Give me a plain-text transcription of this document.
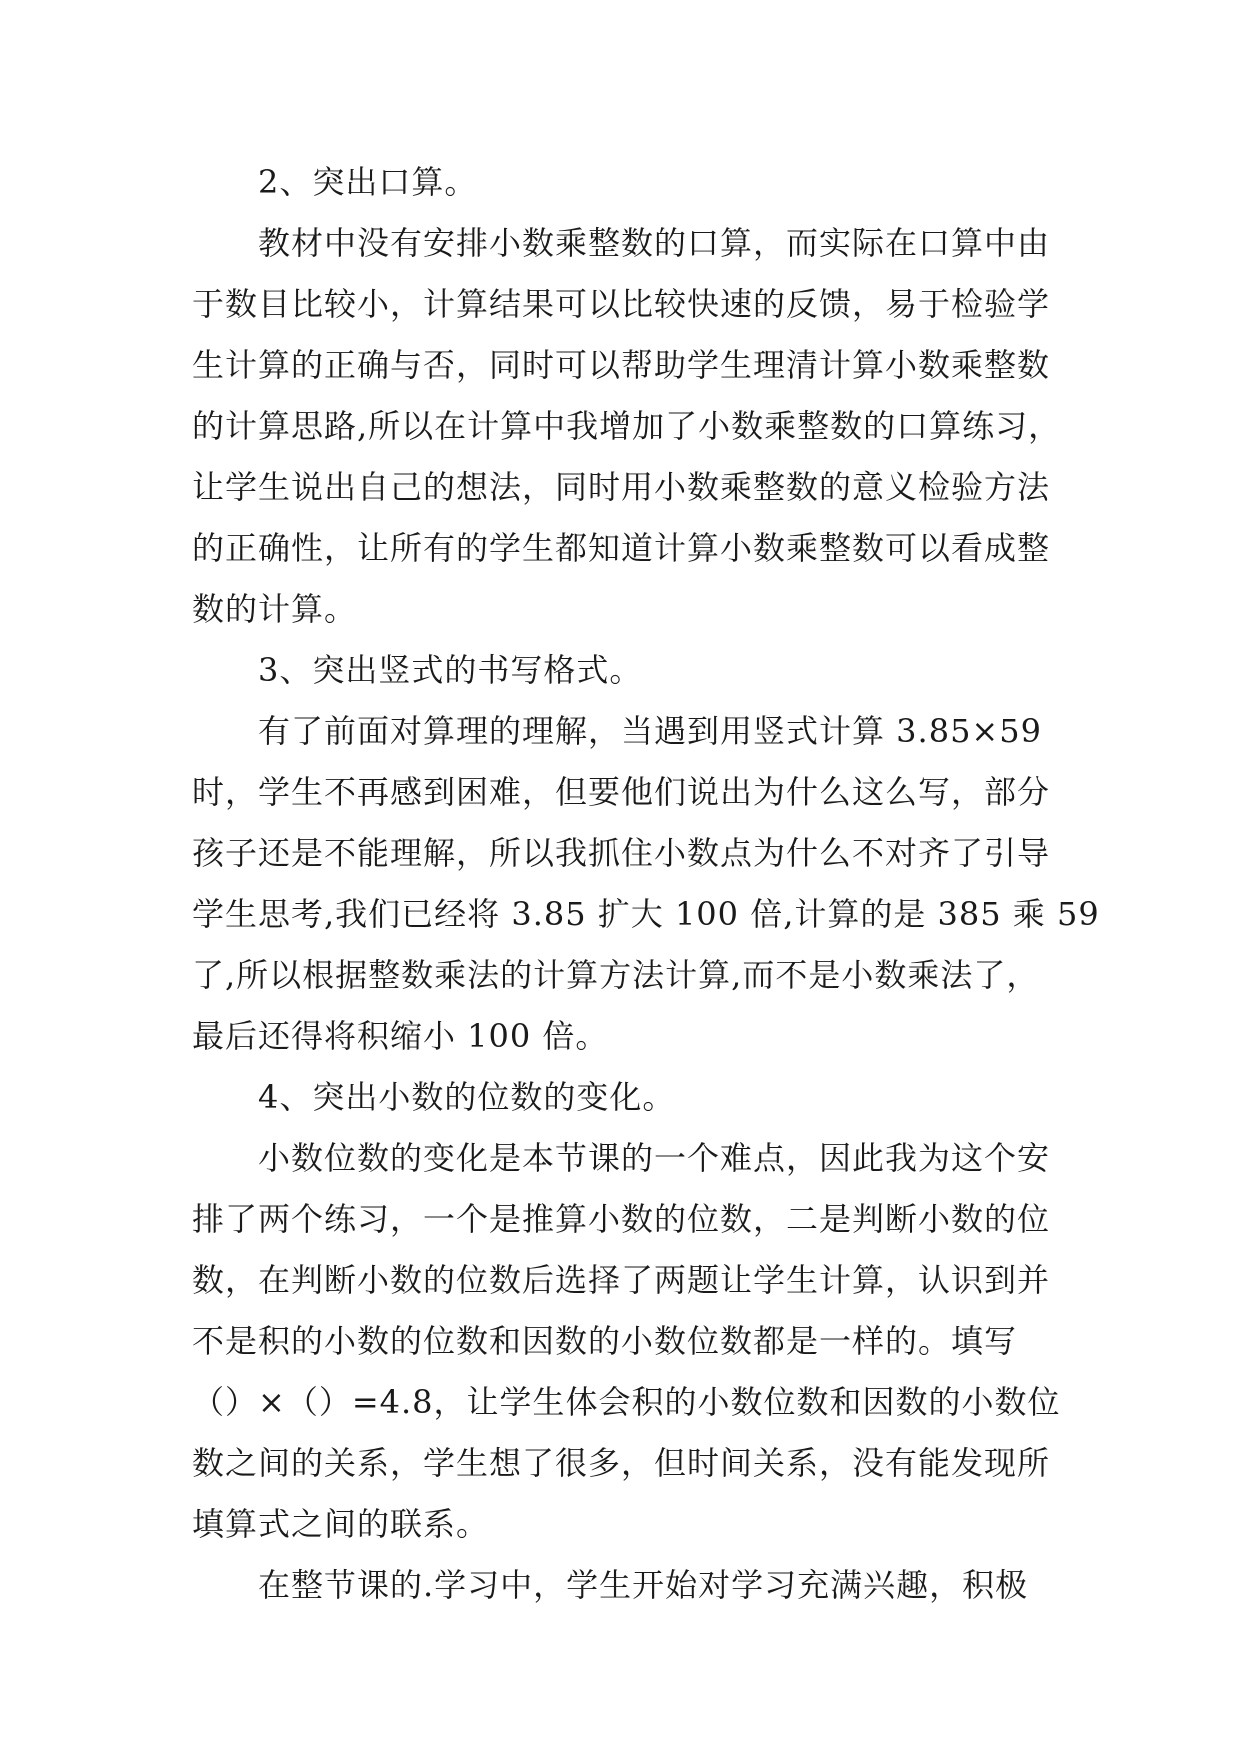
2、突出口算。
教材中没有安排小数乘整数的口算，而实际在口算中由
于数目比较小，计算结果可以比较快速的反馈，易于检验学
生计算的正确与否，同时可以帮助学生理清计算小数乘整数
的计算思路,所以在计算中我增加了小数乘整数的口算练习，
让学生说出自己的想法，同时用小数乘整数的意义检验方法
的正确性，让所有的学生都知道计算小数乘整数可以看成整
数的计算。
3、突出竖式的书写格式。
有了前面对算理的理解，当遇到用竖式计算 3.85×59
时，学生不再感到困难，但要他们说出为什么这么写，部分
孩子还是不能理解，所以我抓住小数点为什么不对齐了引导
学生思考,我们已经将 3.85 扩大 100 倍,计算的是 385 乘 59
了,所以根据整数乘法的计算方法计算,而不是小数乘法了，
最后还得将积缩小 100 倍。
4、突出小数的位数的变化。
小数位数的变化是本节课的一个难点，因此我为这个安
排了两个练习，一个是推算小数的位数，二是判断小数的位
数，在判断小数的位数后选择了两题让学生计算，认识到并
不是积的小数的位数和因数的小数位数都是一样的。填写
（）×（）=4.8，让学生体会积的小数位数和因数的小数位
数之间的关系，学生想了很多，但时间关系，没有能发现所
填算式之间的联系。
在整节课的.学习中，学生开始对学习充满兴趣，积极
